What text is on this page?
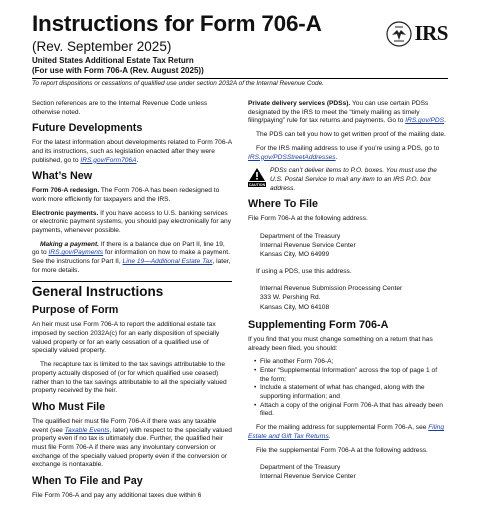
Instructions for Form 706-A
(Rev. September 2025)
United States Additional Estate Tax Return
(For use with Form 706-A (Rev. August 2025))
To report dispositions or cessations of qualified use under section 2032A of the Internal Revenue Code.
IRS

Section references are to the Internal Revenue Code unless otherwise noted.

Future Developments

For the latest information about developments related to Form 706-A and its instructions, such as legislation enacted after they were published, go to IRS.gov/Form706A.

What’s New

Form 706-A redesign. The Form 706-A has been redesigned to work more efficiently for taxpayers and the IRS.

Electronic payments. If you have access to U.S. banking services or electronic payment systems, you should pay electronically for any payments, whenever possible.

Making a payment. If there is a balance due on Part II, line 19, go to IRS.gov/Payments for information on how to make a payment. See the instructions for Part II, Line 19—Additional Estate Tax, later, for more details.

General Instructions
Purpose of Form

An heir must use Form 706-A to report the additional estate tax imposed by section 2032A(c) for an early disposition of specially valued property or for an early cessation of a qualified use of specially valued property.

The recapture tax is limited to the tax savings attributable to the property actually disposed of (or for which qualified use ceased) rather than to the tax savings attributable to all the specially valued property received by the heir.

Who Must File

The qualified heir must file Form 706-A if there was any taxable event (see Taxable Events, later) with respect to the specially valued property even if no tax is ultimately due. Further, the qualified heir must file Form 706-A if there was any involuntary conversion or exchange of the specially valued property even if the conversion or exchange is nontaxable.

When To File and Pay

File Form 706-A and pay any additional taxes due within 6

Private delivery services (PDSs). You can use certain PDSs designated by the IRS to meet the “timely mailing as timely filing/paying” rule for tax returns and payments. Go to IRS.gov/PDS.

The PDS can tell you how to get written proof of the mailing date.

For the IRS mailing address to use if you’re using a PDS, go to IRS.gov/PDSStreetAddresses.

CAUTION
PDSs can’t deliver items to P.O. boxes. You must use the U.S. Postal Service to mail any item to an IRS P.O. box address.
Where To File

File Form 706-A at the following address.

Department of the Treasury
Internal Revenue Service Center
Kansas City, MO 64999

If using a PDS, use this address.

Internal Revenue Submission Processing Center
333 W. Pershing Rd.
Kansas City, MO 64108
Supplementing Form 706-A

If you find that you must change something on a return that has already been filed, you should:

• File another Form 706-A;
• Enter “Supplemental Information” across the top of page 1 of the form;
• Include a statement of what has changed, along with the supporting information; and
• Attach a copy of the original Form 706-A that has already been filed.

For the mailing address for supplemental Form 706-A, see Filing Estate and Gift Tax Returns.

File the supplemental Form 706-A at the following address.

Department of the Treasury
Internal Revenue Service Center
